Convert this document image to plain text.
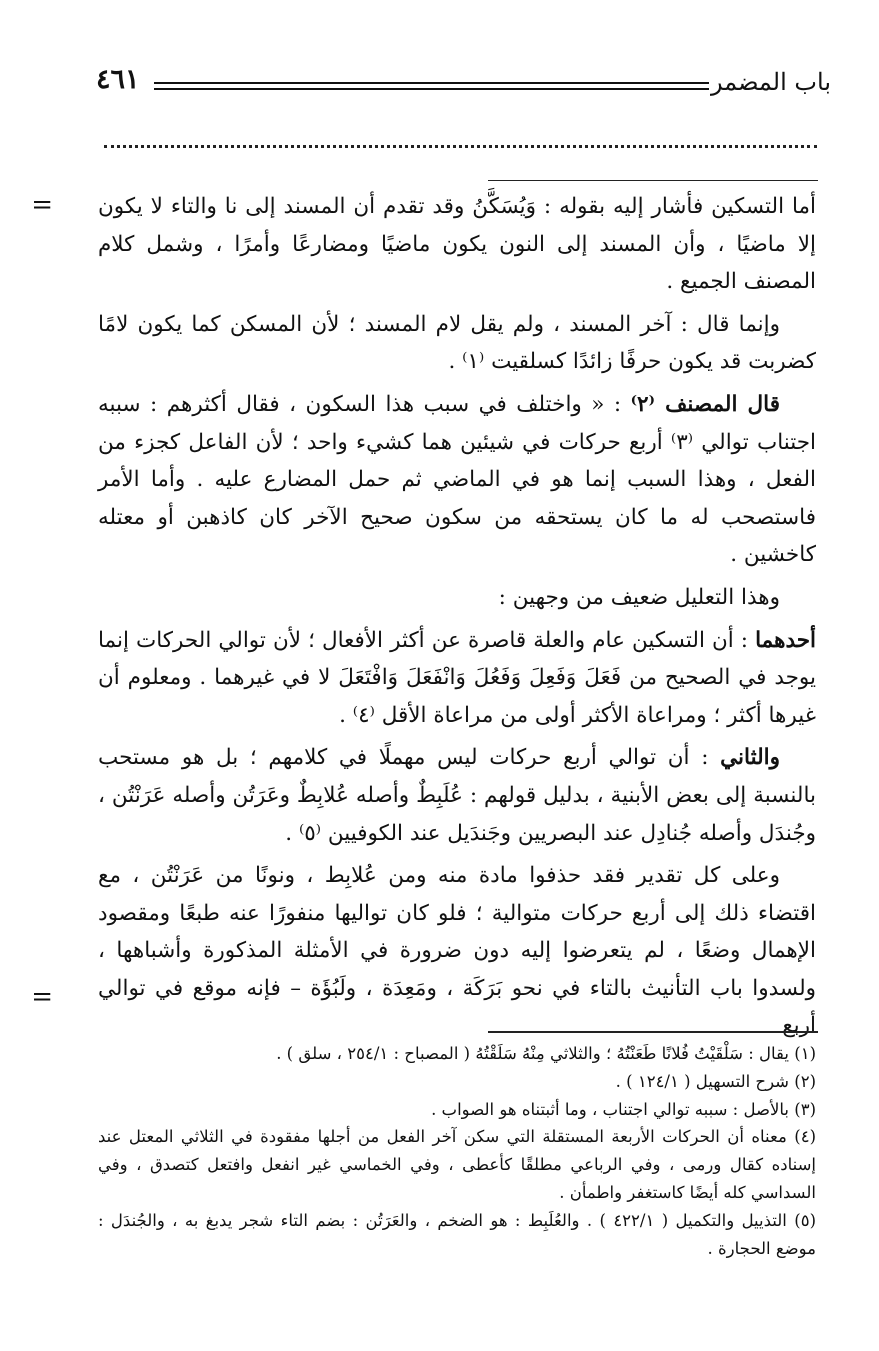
باب المضمر
٤٦١
= أما التسكين فأشار إليه بقوله : وَيُسَكَّنُ وقد تقدم أن المسند إلى نا والتاء لا يكون إلا ماضيًا ، وأن المسند إلى النون يكون ماضيًا ومضارعًا وأمرًا ، وشمل كلام المصنف الجميع .

وإنما قال : آخر المسند ، ولم يقل لام المسند ؛ لأن المسكن كما يكون لامًا كضربت قد يكون حرفًا زائدًا كسلقيت ⁽١⁾ .

قال المصنف ⁽٢⁾ : « واختلف في سبب هذا السكون ، فقال أكثرهم : سببه اجتناب توالي ⁽٣⁾ أربع حركات في شيئين هما كشيء واحد ؛ لأن الفاعل كجزء من الفعل ، وهذا السبب إنما هو في الماضي ثم حمل المضارع عليه . وأما الأمر فاستصحب له ما كان يستحقه من سكون صحيح الآخر كان كاذهبن أو معتله كاخشين .

وهذا التعليل ضعيف من وجهين :

أحدهما : أن التسكين عام والعلة قاصرة عن أكثر الأفعال ؛ لأن توالي الحركات إنما يوجد في الصحيح من فَعَلَ وَفَعِلَ وَفَعُلَ وَانْفَعَلَ وَافْتَعَلَ لا في غيرهما . ومعلوم أن غيرها أكثر ؛ ومراعاة الأكثر أولى من مراعاة الأقل ⁽٤⁾ .

والثاني : أن توالي أربع حركات ليس مهملًا في كلامهم ؛ بل هو مستحب بالنسبة إلى بعض الأبنية ، بدليل قولهم : عُلَبِطٌ وأصله عُلابِطٌ وعَرَتُن وأصله عَرَنْتُن ، وجُندَل وأصله جُنادِل عند البصريين وجَندَيل عند الكوفيين ⁽٥⁾ .

وعلى كل تقدير فقد حذفوا مادة منه ومن عُلابِط ، ونونًا من عَرَنْتُن ، مع اقتضاء ذلك إلى أربع حركات متوالية ؛ فلو كان تواليها منفورًا عنه طبعًا ومقصود الإهمال وضعًا ، لم يتعرضوا إليه دون ضرورة في الأمثلة المذكورة وأشباهها ، ولسدوا باب التأنيث بالتاء في نحو بَرَكَة ، ومَعِدَة ، ولَبُؤَة – فإنه موقع في توالي أربع

=
(١) يقال : سَلْقَيْتُ فُلانًا طَعَنْتُهُ ؛ والثلاثي مِنْهُ سَلَقْتُهُ ( المصباح : ٢٥٤/١ ، سلق ) .
(٢) شرح التسهيل ( ١٢٤/١ ) .
(٣) بالأصل : سببه توالي اجتناب ، وما أثبتناه هو الصواب .
(٤) معناه أن الحركات الأربعة المستقلة التي سكن آخر الفعل من أجلها مفقودة في الثلاثي المعتل عند إسناده كقال ورمى ، وفي الرباعي مطلقًا كأعطى ، وفي الخماسي غير انفعل وافتعل كتصدق ، وفي السداسي كله أيضًا كاستغفر واطمأن .
(٥) التذييل والتكميل ( ٤٢٢/١ ) . والعُلَبِط : هو الضخم ، والعَرَتُن : بضم التاء شجر يدبغ به ، والجُندَل : موضع الحجارة .
